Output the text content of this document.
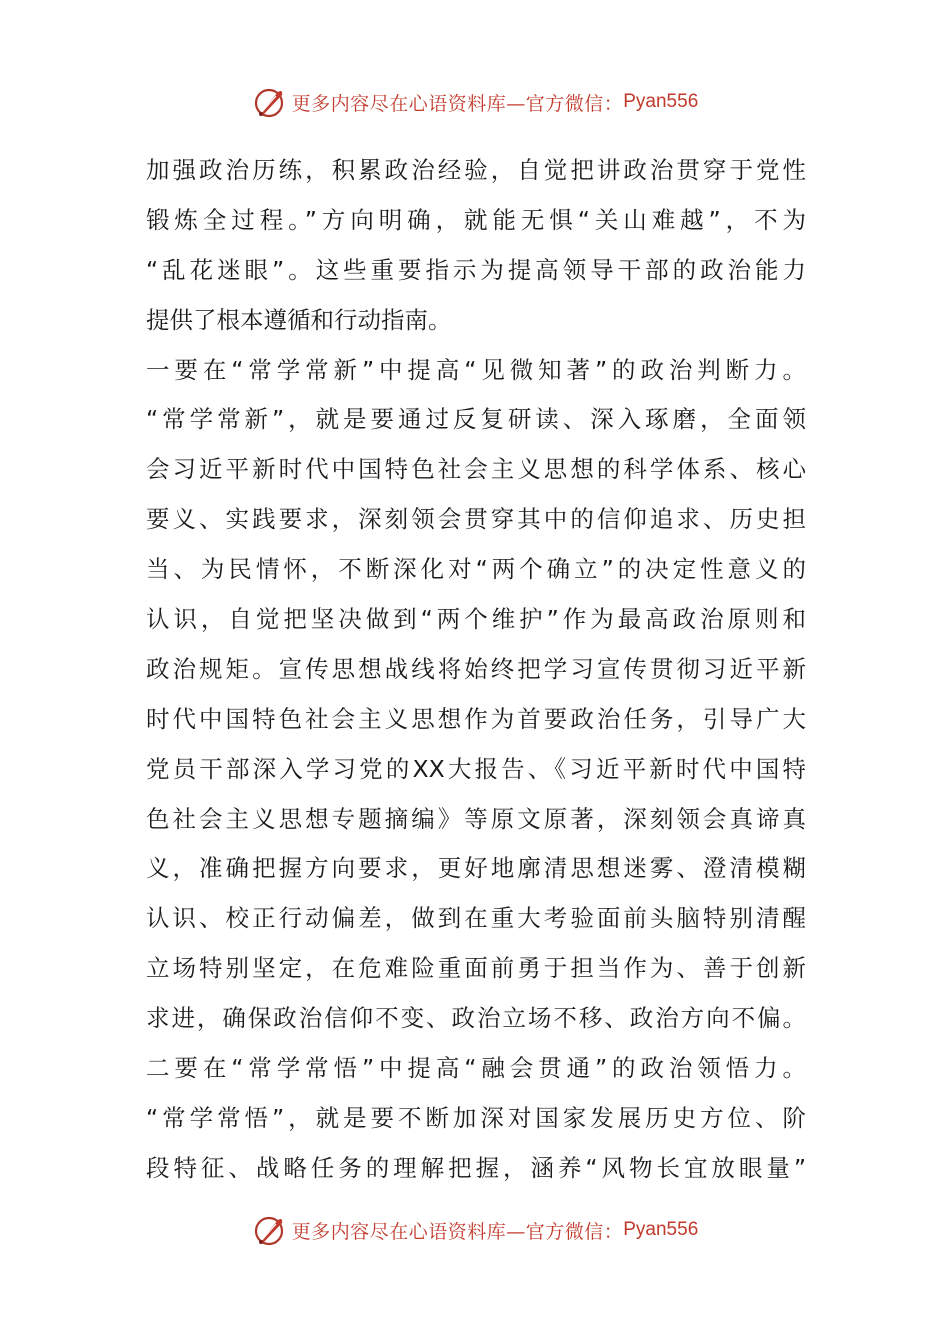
更多内容尽在心语资料库—官方微信： Pyan556
加强政治历练，积累政治经验，自觉把讲政治贯穿于党性
锻炼全过程。”方向明确，就能无惧“关山难越”，不为
“乱花迷眼”。这些重要指示为提高领导干部的政治能力
提供了根本遵循和行动指南。
一要在“常学常新”中提高“见微知著”的政治判断力。
“常学常新”，就是要通过反复研读、深入琢磨，全面领
会习近平新时代中国特色社会主义思想的科学体系、核心
要义、实践要求，深刻领会贯穿其中的信仰追求、历史担
当、为民情怀，不断深化对“两个确立”的决定性意义的
认识，自觉把坚决做到“两个维护”作为最高政治原则和
政治规矩。宣传思想战线将始终把学习宣传贯彻习近平新
时代中国特色社会主义思想作为首要政治任务，引导广大
党员干部深入学习党的XX大报告、《习近平新时代中国特
色社会主义思想专题摘编》等原文原著，深刻领会真谛真
义，准确把握方向要求，更好地廓清思想迷雾、澄清模糊
认识、校正行动偏差，做到在重大考验面前头脑特别清醒
立场特别坚定，在危难险重面前勇于担当作为、善于创新
求进，确保政治信仰不变、政治立场不移、政治方向不偏。
二要在“常学常悟”中提高“融会贯通”的政治领悟力。
“常学常悟”，就是要不断加深对国家发展历史方位、阶
段特征、战略任务的理解把握，涵养“风物长宜放眼量”
更多内容尽在心语资料库—官方微信： Pyan556
